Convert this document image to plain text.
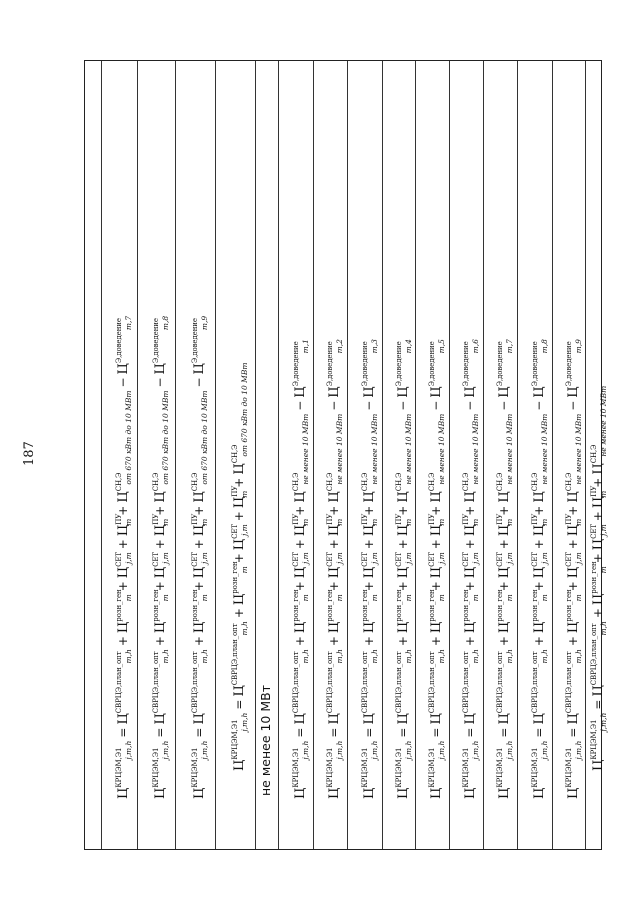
187
не менее 10 МВт
$Ц^{КРЦЭМ,Э1}_{j,m,h}=Ц^{СВРЦЭ,план\_опт}_{m,h}+Ц^{розн\_ген}_m+Ц^{СЕТ}_{j,m}+Ц^{ПУ}_m+Ц^{СН,Э}_{от 670 кВт до 10 МВт}-Ц^{Э,доведение}_{m,7}$
$Ц^{КРЦЭМ,Э1}_{j,m,h}=Ц^{СВРЦЭ,план\_опт}_{m,h}+Ц^{розн\_ген}_m+Ц^{СЕТ}_{j,m}+Ц^{ПУ}_m+Ц^{СН,Э}_{от 670 кВт до 10 МВт}-Ц^{Э,доведение}_{m,8}$
$Ц^{КРЦЭМ,Э1}_{j,m,h}=Ц^{СВРЦЭ,план\_опт}_{m,h}+Ц^{розн\_ген}_m+Ц^{СЕТ}_{j,m}+Ц^{ПУ}_m+Ц^{СН,Э}_{от 670 кВт до 10 МВт}-Ц^{Э,доведение}_{m,9}$
$Ц^{КРЦЭМ,Э1}_{j,m,h}=Ц^{СВРЦЭ,план\_опт}_{m,h}+Ц^{розн\_ген}_m+Ц^{СЕТ}_{j,m}+Ц^{ПУ}_m+Ц^{СН,Э}_{от 670 кВт до 10 МВт}$
$Ц^{КРЦЭМ,Э1}_{j,m,h}=Ц^{СВРЦЭ,план\_опт}_{m,h}+Ц^{розн\_ген}_m+Ц^{СЕТ}_{j,m}+Ц^{ПУ}_m+Ц^{СН,Э}_{не менее 10 МВт}-Ц^{Э,доведение}_{m,1}$
$Ц^{КРЦЭМ,Э1}_{j,m,h}=Ц^{СВРЦЭ,план\_опт}_{m,h}+Ц^{розн\_ген}_m+Ц^{СЕТ}_{j,m}+Ц^{ПУ}_m+Ц^{СН,Э}_{не менее 10 МВт}-Ц^{Э,доведение}_{m,2}$
$Ц^{КРЦЭМ,Э1}_{j,m,h}=Ц^{СВРЦЭ,план\_опт}_{m,h}+Ц^{розн\_ген}_m+Ц^{СЕТ}_{j,m}+Ц^{ПУ}_m+Ц^{СН,Э}_{не менее 10 МВт}-Ц^{Э,доведение}_{m,3}$
$Ц^{КРЦЭМ,Э1}_{j,m,h}=Ц^{СВРЦЭ,план\_опт}_{m,h}+Ц^{розн\_ген}_m+Ц^{СЕТ}_{j,m}+Ц^{ПУ}_m+Ц^{СН,Э}_{не менее 10 МВт}-Ц^{Э,доведение}_{m,4}$
$Ц^{КРЦЭМ,Э1}_{j,m,h}=Ц^{СВРЦЭ,план\_опт}_{m,h}+Ц^{розн\_ген}_m+Ц^{СЕТ}_{j,m}+Ц^{ПУ}_m+Ц^{СН,Э}_{не менее 10 МВт}-Ц^{Э,доведение}_{m,5}$
$Ц^{КРЦЭМ,Э1}_{j,m,h}=Ц^{СВРЦЭ,план\_опт}_{m,h}+Ц^{розн\_ген}_m+Ц^{СЕТ}_{j,m}+Ц^{ПУ}_m+Ц^{СН,Э}_{не менее 10 МВт}-Ц^{Э,доведение}_{m,6}$
$Ц^{КРЦЭМ,Э1}_{j,m,h}=Ц^{СВРЦЭ,план\_опт}_{m,h}+Ц^{розн\_ген}_m+Ц^{СЕТ}_{j,m}+Ц^{ПУ}_m+Ц^{СН,Э}_{не менее 10 МВт}-Ц^{Э,доведение}_{m,7}$
$Ц^{КРЦЭМ,Э1}_{j,m,h}=Ц^{СВРЦЭ,план\_опт}_{m,h}+Ц^{розн\_ген}_m+Ц^{СЕТ}_{j,m}+Ц^{ПУ}_m+Ц^{СН,Э}_{не менее 10 МВт}-Ц^{Э,доведение}_{m,8}$
$Ц^{КРЦЭМ,Э1}_{j,m,h}=Ц^{СВРЦЭ,план\_опт}_{m,h}+Ц^{розн\_ген}_m+Ц^{СЕТ}_{j,m}+Ц^{ПУ}_m+Ц^{СН,Э}_{не менее 10 МВт}-Ц^{Э,доведение}_{m,9}$
$Ц^{КРЦЭМ,Э1}_{j,m,h}=Ц^{СВРЦЭ,план\_опт}_{m,h}+Ц^{розн\_ген}_m+Ц^{СЕТ}_{j,m}+Ц^{ПУ}_m+Ц^{СН,Э}_{не менее 10 МВт}$
